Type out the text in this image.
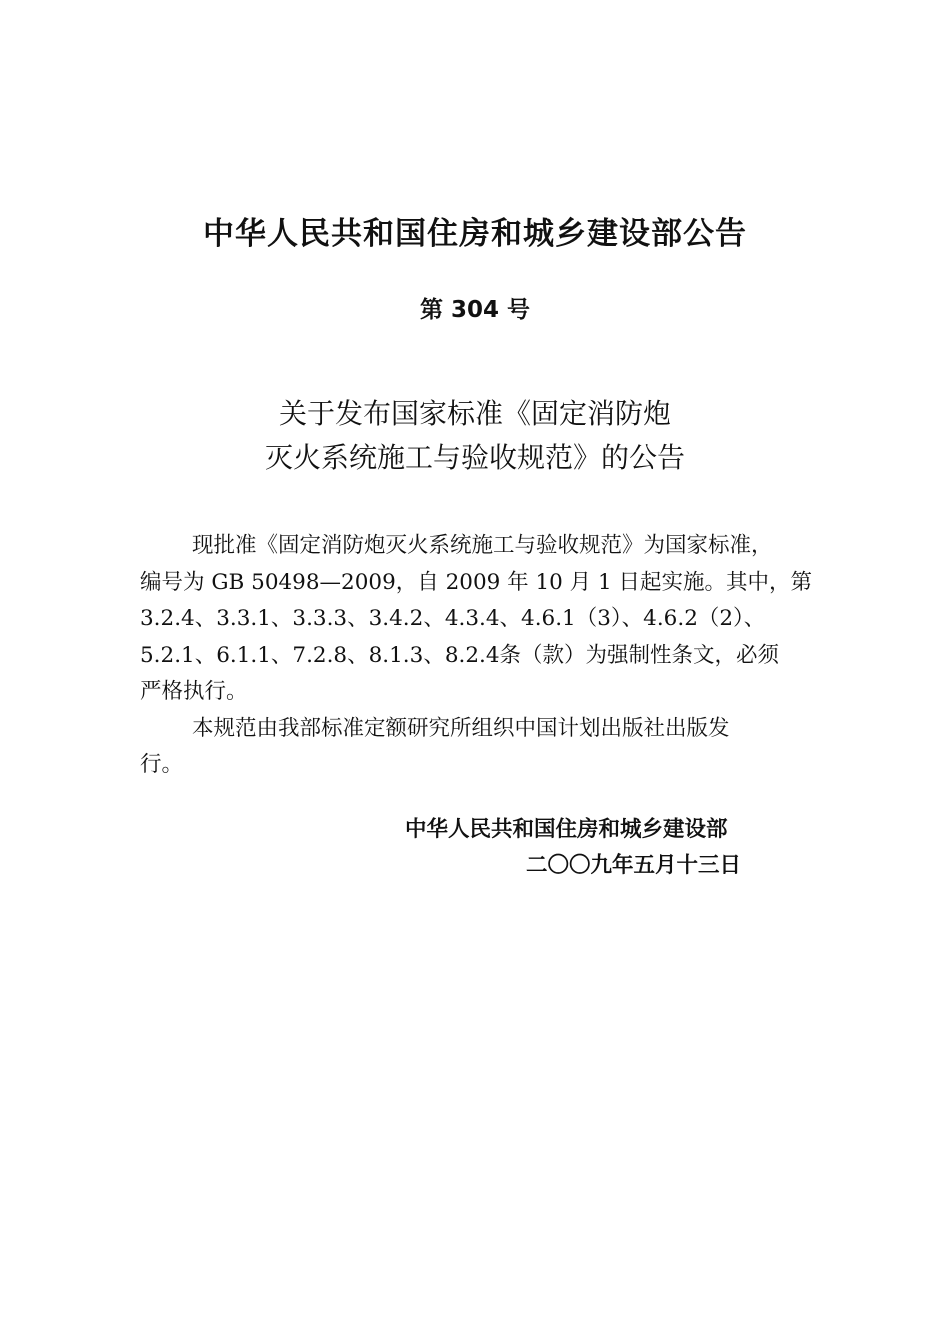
中华人民共和国住房和城乡建设部公告
第 304 号
关于发布国家标准《固定消防炮
灭火系统施工与验收规范》的公告
现批准《固定消防炮灭火系统施工与验收规范》为国家标准，
编号为 GB 50498—2009，自 2009 年 10 月 1 日起实施。其中，第
3.2.4、3.3.1、3.3.3、3.4.2、4.3.4、4.6.1（3）、4.6.2（2）、
5.2.1、6.1.1、7.2.8、8.1.3、8.2.4条（款）为强制性条文，必须
严格执行。
本规范由我部标准定额研究所组织中国计划出版社出版发
行。
中华人民共和国住房和城乡建设部
二〇〇九年五月十三日
